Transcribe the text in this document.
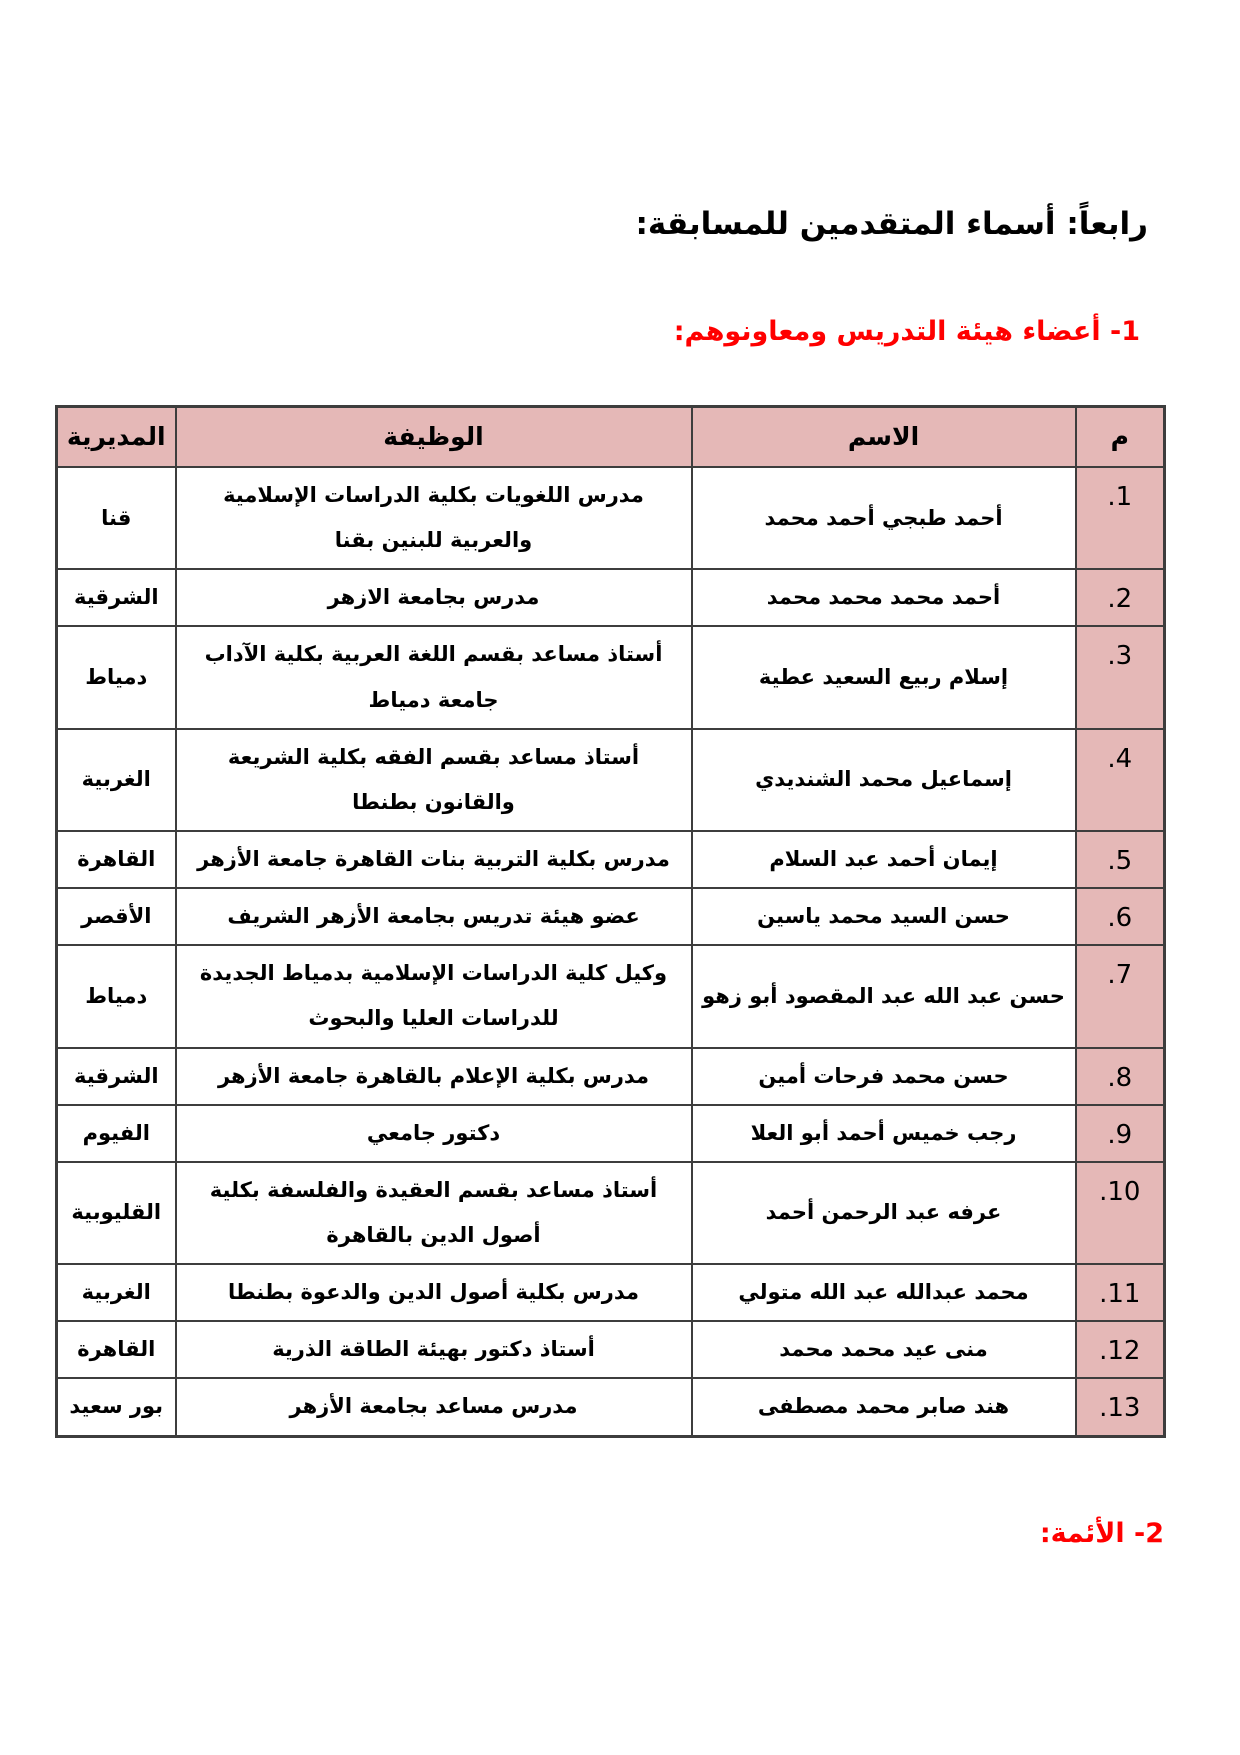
رابعاً: أسماء المتقدمين للمسابقة:

1- أعضاء هيئة التدريس ومعاونوهم:

م	الاسم	الوظيفة	المديرية
1.	أحمد طبجي أحمد محمد	مدرس اللغويات بكلية الدراسات الإسلامية والعربية للبنين بقنا	قنا
2.	أحمد محمد محمد محمد	مدرس بجامعة الازهر	الشرقية
3.	إسلام ربيع السعيد عطية	أستاذ مساعد بقسم اللغة العربية بكلية الآداب جامعة دمياط	دمياط
4.	إسماعيل محمد الشنديدي	أستاذ مساعد بقسم الفقه بكلية الشريعة والقانون بطنطا	الغربية
5.	إيمان أحمد عبد السلام	مدرس بكلية التربية بنات القاهرة جامعة الأزهر	القاهرة
6.	حسن السيد محمد ياسين	عضو هيئة تدريس بجامعة الأزهر الشريف	الأقصر
7.	حسن عبد الله عبد المقصود أبو زهو	وكيل كلية الدراسات الإسلامية بدمياط الجديدة للدراسات العليا والبحوث	دمياط
8.	حسن محمد فرحات أمين	مدرس بكلية الإعلام بالقاهرة جامعة الأزهر	الشرقية
9.	رجب خميس أحمد أبو العلا	دكتور جامعي	الفيوم
10.	عرفه عبد الرحمن أحمد	أستاذ مساعد بقسم العقيدة والفلسفة بكلية أصول الدين بالقاهرة	القليوبية
11.	محمد عبدالله عبد الله متولي	مدرس بكلية أصول الدين والدعوة بطنطا	الغربية
12.	منى عيد محمد محمد	أستاذ دكتور بهيئة الطاقة الذرية	القاهرة
13.	هند صابر محمد مصطفى	مدرس مساعد بجامعة الأزهر	بور سعيد

2- الأئمة:
